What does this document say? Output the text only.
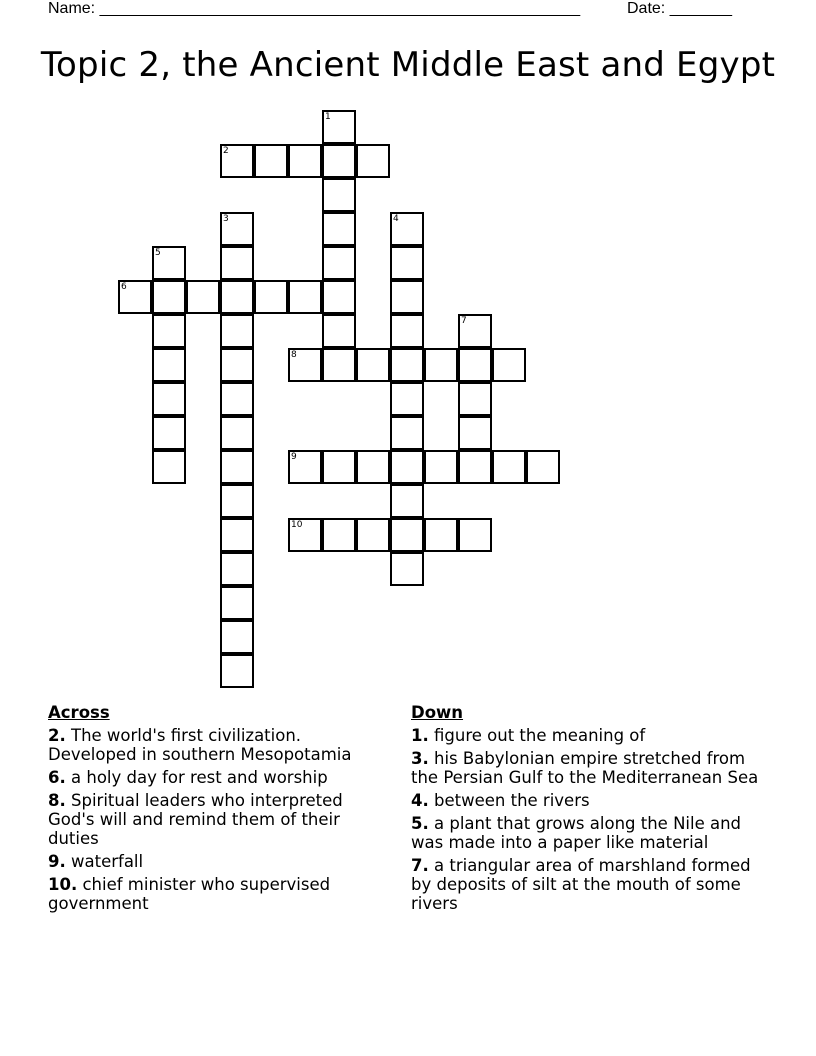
Name: ______________________________________________________	Date: _______
Topic 2, the Ancient Middle East and Egypt
1
2
3	4
5
6
7
8
9
10
Across
2. The world's first civilization. Developed in southern Mesopotamia
6. a holy day for rest and worship
8. Spiritual leaders who interpreted God's will and remind them of their duties
9. waterfall
10. chief minister who supervised government
Down
1. figure out the meaning of
3. his Babylonian empire stretched from the Persian Gulf to the Mediterranean Sea
4. between the rivers
5. a plant that grows along the Nile and was made into a paper like material
7. a triangular area of marshland formed by deposits of silt at the mouth of some rivers
